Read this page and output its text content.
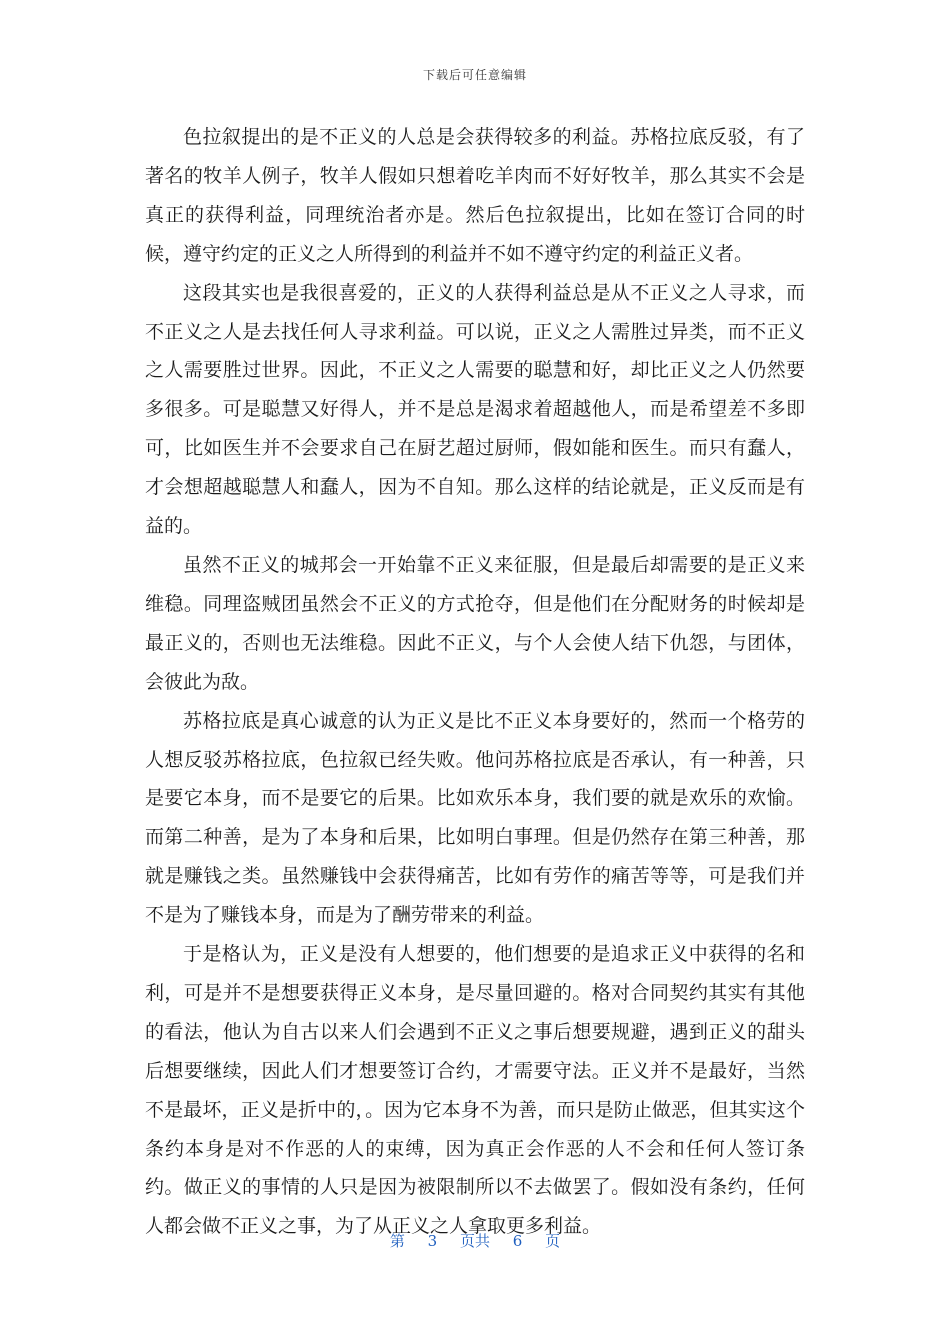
下载后可任意编辑

色拉叙提出的是不正义的人总是会获得较多的利益。苏格拉底反驳，有了著名的牧羊人例子，牧羊人假如只想着吃羊肉而不好好牧羊，那么其实不会是真正的获得利益，同理统治者亦是。然后色拉叙提出，比如在签订合同的时候，遵守约定的正义之人所得到的利益并不如不遵守约定的利益正义者。

这段其实也是我很喜爱的，正义的人获得利益总是从不正义之人寻求，而不正义之人是去找任何人寻求利益。可以说，正义之人需胜过异类，而不正义之人需要胜过世界。因此，不正义之人需要的聪慧和好，却比正义之人仍然要多很多。可是聪慧又好得人，并不是总是渴求着超越他人，而是希望差不多即可，比如医生并不会要求自己在厨艺超过厨师，假如能和医生。而只有蠢人，才会想超越聪慧人和蠢人，因为不自知。那么这样的结论就是，正义反而是有益的。

虽然不正义的城邦会一开始靠不正义来征服，但是最后却需要的是正义来维稳。同理盗贼团虽然会不正义的方式抢夺，但是他们在分配财务的时候却是最正义的，否则也无法维稳。因此不正义，与个人会使人结下仇怨，与团体，会彼此为敌。

苏格拉底是真心诚意的认为正义是比不正义本身要好的，然而一个格劳的人想反驳苏格拉底，色拉叙已经失败。他问苏格拉底是否承认，有一种善，只是要它本身，而不是要它的后果。比如欢乐本身，我们要的就是欢乐的欢愉。而第二种善，是为了本身和后果，比如明白事理。但是仍然存在第三种善，那就是赚钱之类。虽然赚钱中会获得痛苦，比如有劳作的痛苦等等，可是我们并不是为了赚钱本身，而是为了酬劳带来的利益。

于是格认为，正义是没有人想要的，他们想要的是追求正义中获得的名和利，可是并不是想要获得正义本身，是尽量回避的。格对合同契约其实有其他的看法，他认为自古以来人们会遇到不正义之事后想要规避，遇到正义的甜头后想要继续，因此人们才想要签订合约，才需要守法。正义并不是最好，当然不是最坏，正义是折中的，。因为它本身不为善，而只是防止做恶，但其实这个条约本身是对不作恶的人的束缚，因为真正会作恶的人不会和任何人签订条约。做正义的事情的人只是因为被限制所以不去做罢了。假如没有条约，任何人都会做不正义之事，为了从正义之人拿取更多利益。

第 3 页共 6 页
